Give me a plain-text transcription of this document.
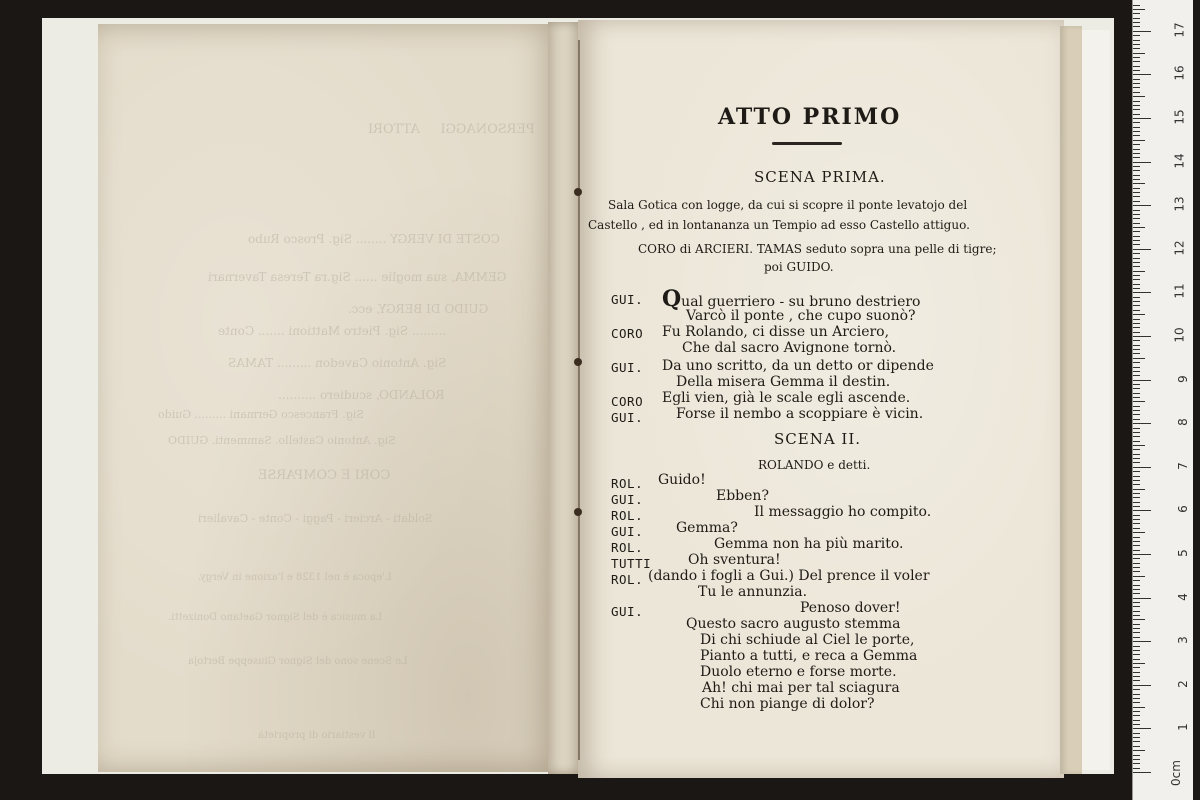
PERSONAGGI     ATTORI
COSTE DI VERGY ........ Sig. Prosco Rubo
GEMMA, sua moglie ...... Sig.ra Teresa Tavernari
GUIDO DI BERGY, ecc.
......... Sig. Pietro Mattioni ....... Conte
Sig. Antonio Cavedon ......... TAMAS
ROLANDO, scudiero ..........
Sig. Francesco Germani ......... Guido
Sig. Antonio Castello. Sammenti. GUIDO
CORI E COMPARSE
Soldati - Arcieri - Paggi - Conte - Cavalieri
L'epoca è nel 1328 e l'azione in Vergy.
La musica è del Signor Gaetano Donizetti.
Le Scene sono del Signor Giuseppe Bertoja
Il vestiario di proprietà
ATTO PRIMO
SCENA PRIMA.
Sala Gotica con logge, da cui si scopre il ponte levatojo del
Castello , ed in lontananza un Tempio ad esso Castello attiguo.
CORO di ARCIERI. TAMAS seduto sopra una pelle di tigre;
poi GUIDO.
GUI. Qual guerriero - su bruno destriero
Varcò il ponte , che cupo suonò?
CORO Fu Rolando, ci disse un Arciero,
Che dal sacro Avignone tornò.
GUI. Da uno scritto, da un detto or dipende
Della misera Gemma il destin.
CORO Egli vien, già le scale egli ascende.
GUI. Forse il nembo a scoppiare è vicin.
SCENA II.
ROLANDO e detti.
ROL. Guido!
GUI.	Ebben?
ROL.	Il messaggio ho compito.
GUI. Gemma?
ROL.	Gemma non ha più marito.
TUTTI	Oh sventura!
ROL. (dando i fogli a Gui.) Del prence il voler
Tu le annunzia.
GUI.	Penoso dover!
Questo sacro augusto stemma
Di chi schiude al Ciel le porte,
Pianto a tutti, e reca a Gemma
Duolo eterno e forse morte.
Ah! chi mai per tal sciagura
Chi non piange di dolor?
0cm
1
2
3
4
5
6
7
8
9
10
11
12
13
14
15
16
17
